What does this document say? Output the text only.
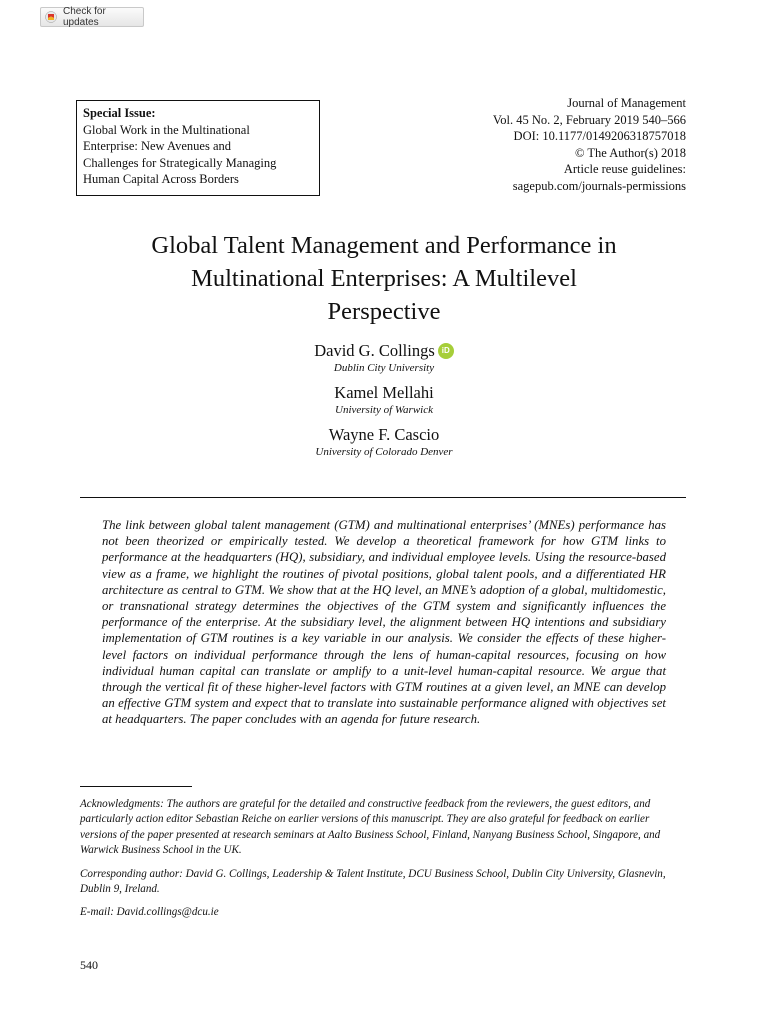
Check for updates
Special Issue:
Global Work in the Multinational
Enterprise: New Avenues and
Challenges for Strategically Managing
Human Capital Across Borders
Journal of Management
Vol. 45 No. 2, February 2019 540–566
DOI: 10.1177/0149206318757018
© The Author(s) 2018
Article reuse guidelines:
sagepub.com/journals-permissions
Global Talent Management and Performance in
Multinational Enterprises: A Multilevel
Perspective
David G. Collings iD
Dublin City University
Kamel Mellahi
University of Warwick
Wayne F. Cascio
University of Colorado Denver

The link between global talent management (GTM) and multinational enterprises’ (MNEs) performance has not been theorized or empirically tested. We develop a theoretical framework for how GTM links to performance at the headquarters (HQ), subsidiary, and individual employee levels. Using the resource-based view as a frame, we highlight the routines of pivotal positions, global talent pools, and a differentiated HR architecture as central to GTM. We show that at the HQ level, an MNE’s adoption of a global, multidomestic, or transnational strategy determines the objectives of the GTM system and significantly influences the performance of the enterprise. At the subsidiary level, the alignment between HQ intentions and subsidiary implementation of GTM routines is a key variable in our analysis. We consider the effects of these higher-level factors on individual performance through the lens of human-capital resources, focusing on how individual human capital can translate or amplify to a unit-level human-capital resource. We argue that through the vertical fit of these higher-level factors with GTM routines at a given level, an MNE can develop an effective GTM system and expect that to translate into sustainable performance aligned with objectives set at headquarters. The paper concludes with an agenda for future research.

Acknowledgments: The authors are grateful for the detailed and constructive feedback from the reviewers, the guest editors, and particularly action editor Sebastian Reiche on earlier versions of this manuscript. They are also grateful for feedback on earlier versions of the paper presented at research seminars at Aalto Business School, Finland, Nanyang Business School, Singapore, and Warwick Business School in the UK.

Corresponding author: David G. Collings, Leadership & Talent Institute, DCU Business School, Dublin City University, Glasnevin, Dublin 9, Ireland.

E-mail: David.collings@dcu.ie

540
